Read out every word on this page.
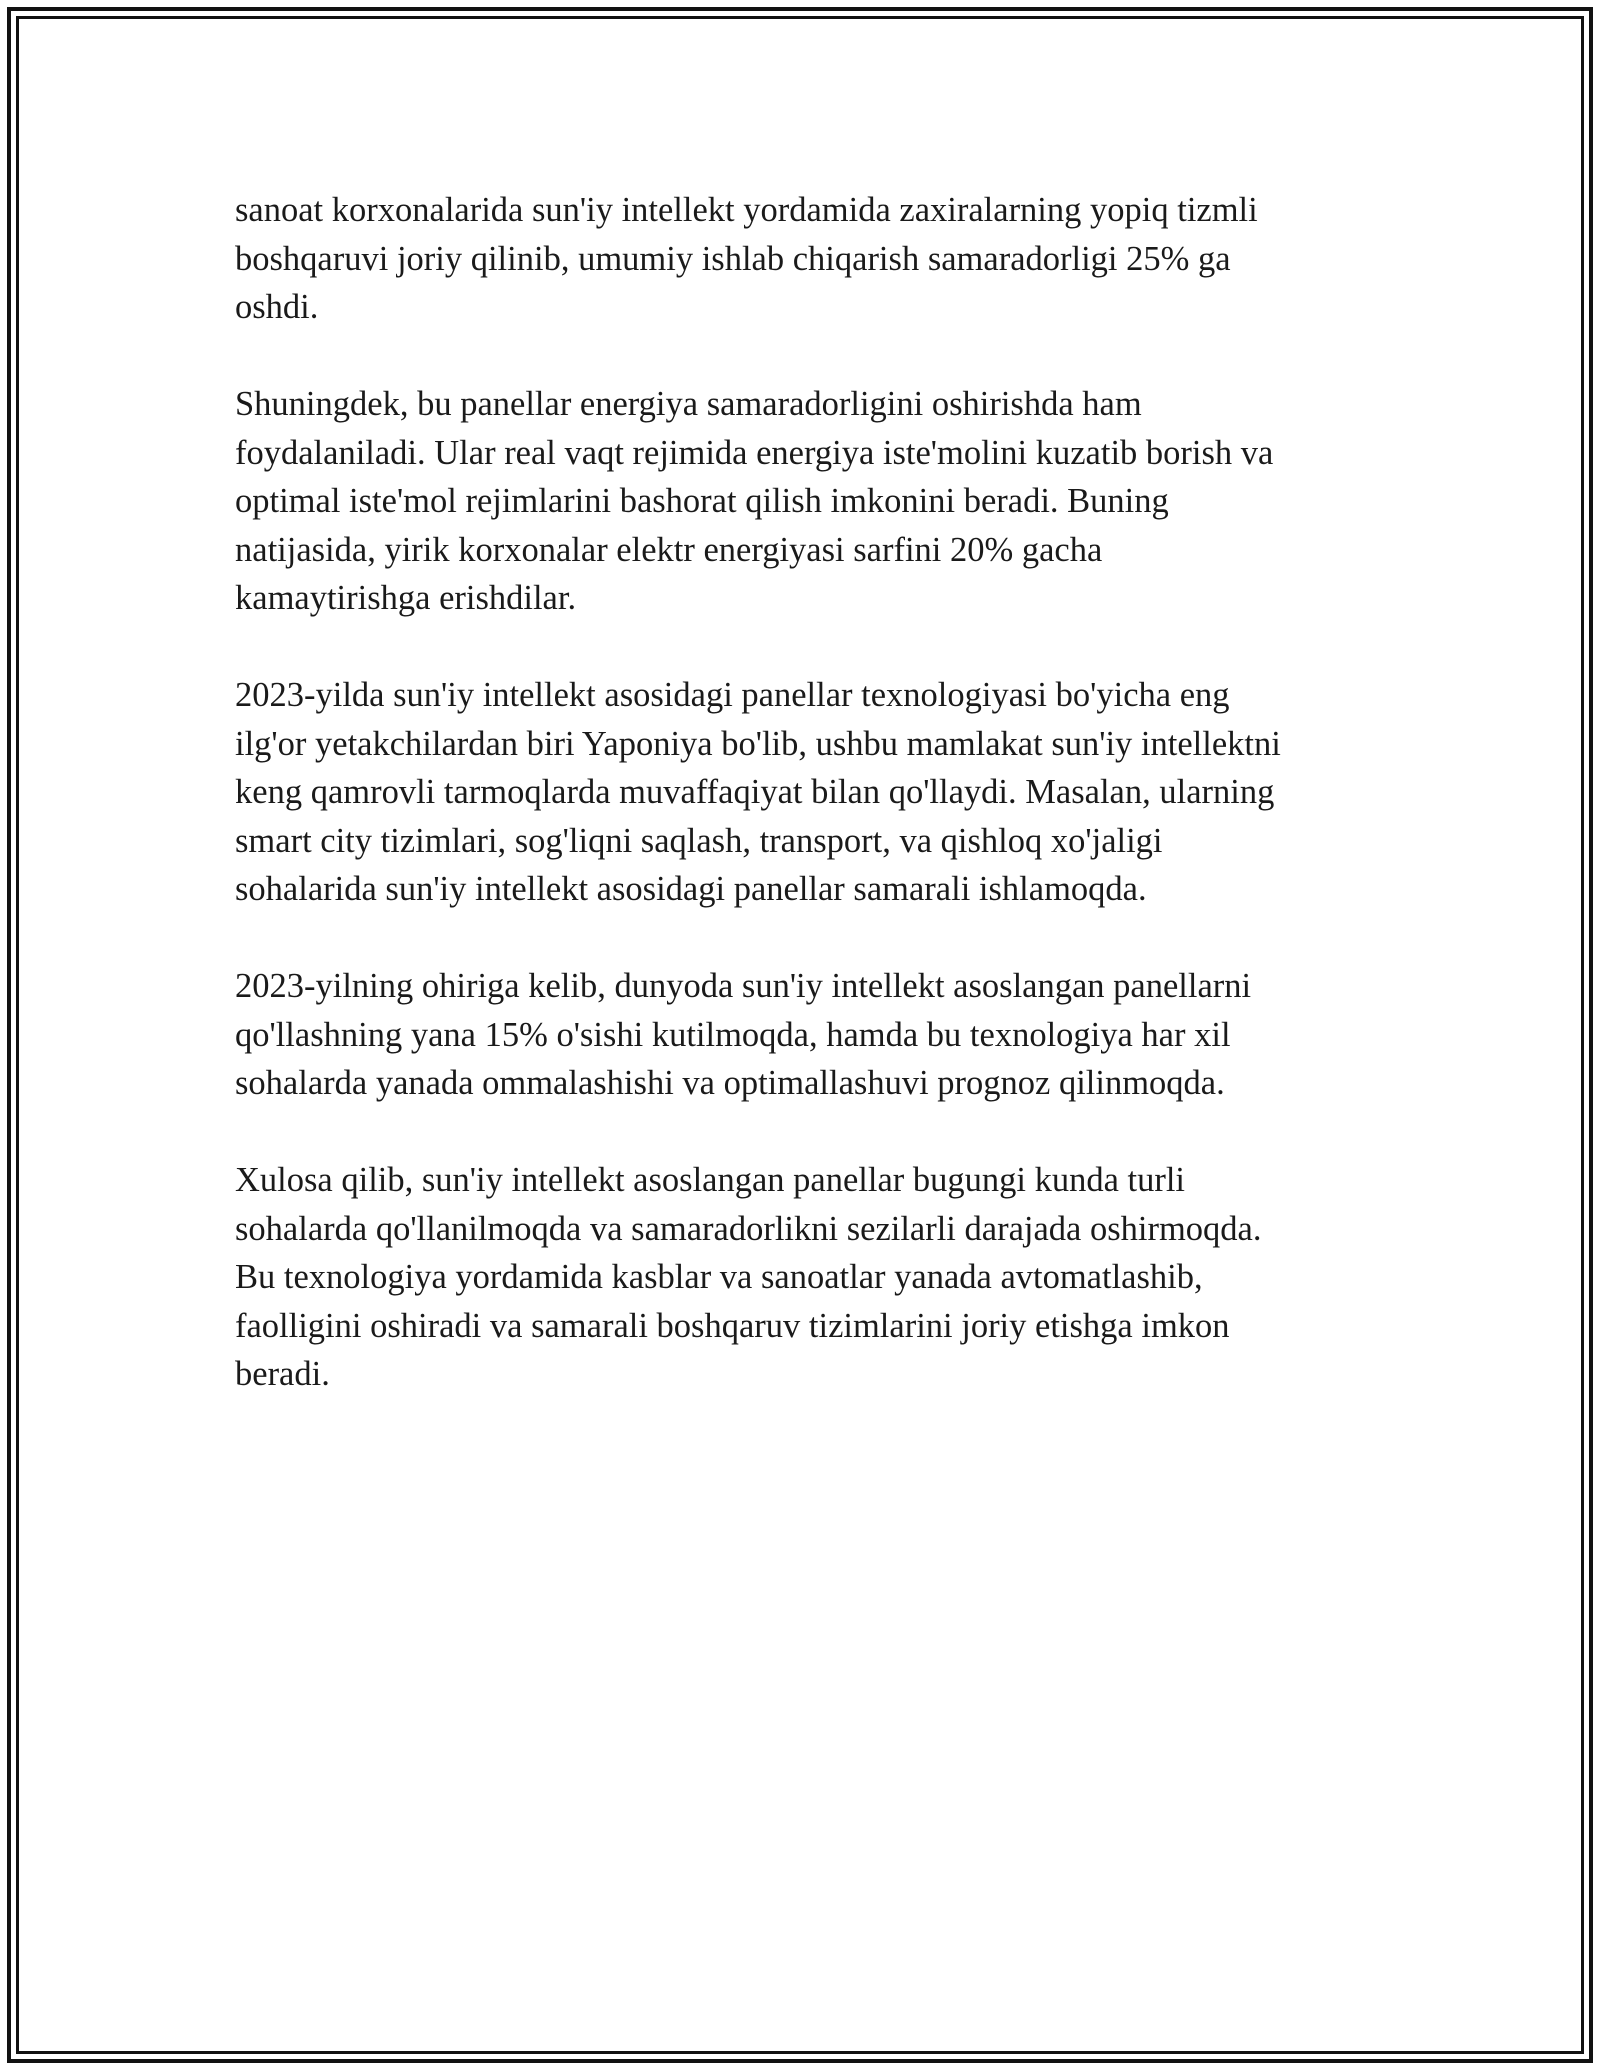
sanoat korxonalarida sun'iy intellekt yordamida zaxiralarning yopiq tizmli
boshqaruvi joriy qilinib, umumiy ishlab chiqarish samaradorligi 25% ga
oshdi.

Shuningdek, bu panellar energiya samaradorligini oshirishda ham
foydalaniladi. Ular real vaqt rejimida energiya iste'molini kuzatib borish va
optimal iste'mol rejimlarini bashorat qilish imkonini beradi. Buning
natijasida, yirik korxonalar elektr energiyasi sarfini 20% gacha
kamaytirishga erishdilar.

2023-yilda sun'iy intellekt asosidagi panellar texnologiyasi bo'yicha eng
ilg'or yetakchilardan biri Yaponiya bo'lib, ushbu mamlakat sun'iy intellektni
keng qamrovli tarmoqlarda muvaffaqiyat bilan qo'llaydi. Masalan, ularning
smart city tizimlari, sog'liqni saqlash, transport, va qishloq xo'jaligi
sohalarida sun'iy intellekt asosidagi panellar samarali ishlamoqda.

2023-yilning ohiriga kelib, dunyoda sun'iy intellekt asoslangan panellarni
qo'llashning yana 15% o'sishi kutilmoqda, hamda bu texnologiya har xil
sohalarda yanada ommalashishi va optimallashuvi prognoz qilinmoqda.

Xulosa qilib, sun'iy intellekt asoslangan panellar bugungi kunda turli
sohalarda qo'llanilmoqda va samaradorlikni sezilarli darajada oshirmoqda.
Bu texnologiya yordamida kasblar va sanoatlar yanada avtomatlashib,
faolligini oshiradi va samarali boshqaruv tizimlarini joriy etishga imkon
beradi.
